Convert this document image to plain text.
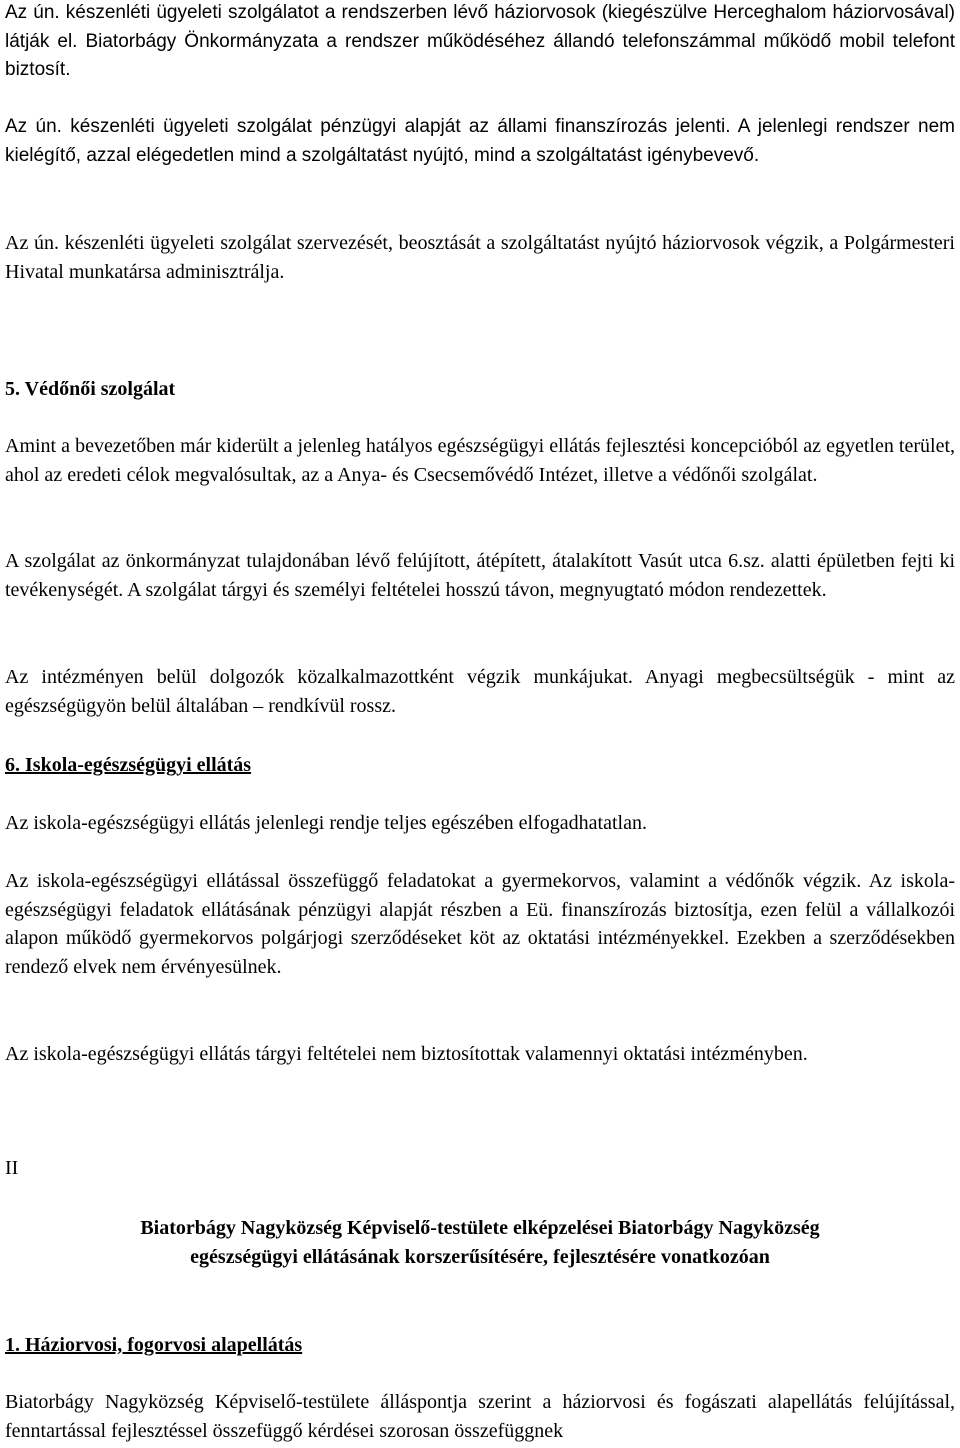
Az ún. készenléti ügyeleti szolgálatot a rendszerben lévő háziorvosok (kiegészülve Herceghalom háziorvosával) látják el. Biatorbágy Önkormányzata a rendszer működéséhez állandó telefonszámmal működő mobil telefont biztosít.

Az ún. készenléti ügyeleti szolgálat pénzügyi alapját az állami finanszírozás jelenti. A jelenlegi rendszer nem kielégítő, azzal elégedetlen mind a szolgáltatást nyújtó, mind a szolgáltatást igénybevevő.

Az ún. készenléti ügyeleti szolgálat szervezését, beosztását a szolgáltatást nyújtó háziorvosok végzik, a Polgármesteri Hivatal munkatársa adminisztrálja.

5. Védőnői szolgálat

Amint a bevezetőben már kiderült a jelenleg hatályos egészségügyi ellátás fejlesztési koncepcióból az egyetlen terület, ahol az eredeti célok megvalósultak, az a Anya- és Csecsemővédő Intézet, illetve a védőnői szolgálat.

A szolgálat az önkormányzat tulajdonában lévő felújított, átépített, átalakított Vasút utca 6.sz. alatti épületben fejti ki tevékenységét. A szolgálat tárgyi és személyi feltételei hosszú távon, megnyugtató módon rendezettek.

Az intézményen belül dolgozók közalkalmazottként végzik munkájukat. Anyagi megbecsültségük - mint az egészségügyön belül általában – rendkívül rossz.

6. Iskola-egészségügyi ellátás

Az iskola-egészségügyi ellátás jelenlegi rendje teljes egészében elfogadhatatlan.

Az iskola-egészségügyi ellátással összefüggő feladatokat a gyermekorvos, valamint a védőnők végzik. Az iskola-egészségügyi feladatok ellátásának pénzügyi alapját részben a Eü. finanszírozás biztosítja, ezen felül a vállalkozói alapon működő gyermekorvos polgárjogi szerződéseket köt az oktatási intézményekkel. Ezekben a szerződésekben rendező elvek nem érvényesülnek.

Az iskola-egészségügyi ellátás tárgyi feltételei nem biztosítottak valamennyi oktatási intézményben.

II

Biatorbágy Nagyközség Képviselő-testülete elképzelései Biatorbágy Nagyközség

egészségügyi ellátásának korszerűsítésére, fejlesztésére vonatkozóan

1. Háziorvosi, fogorvosi alapellátás

Biatorbágy Nagyközség Képviselő-testülete álláspontja szerint a háziorvosi és fogászati alapellátás felújítással, fenntartással fejlesztéssel összefüggő kérdései szorosan összefüggnek
